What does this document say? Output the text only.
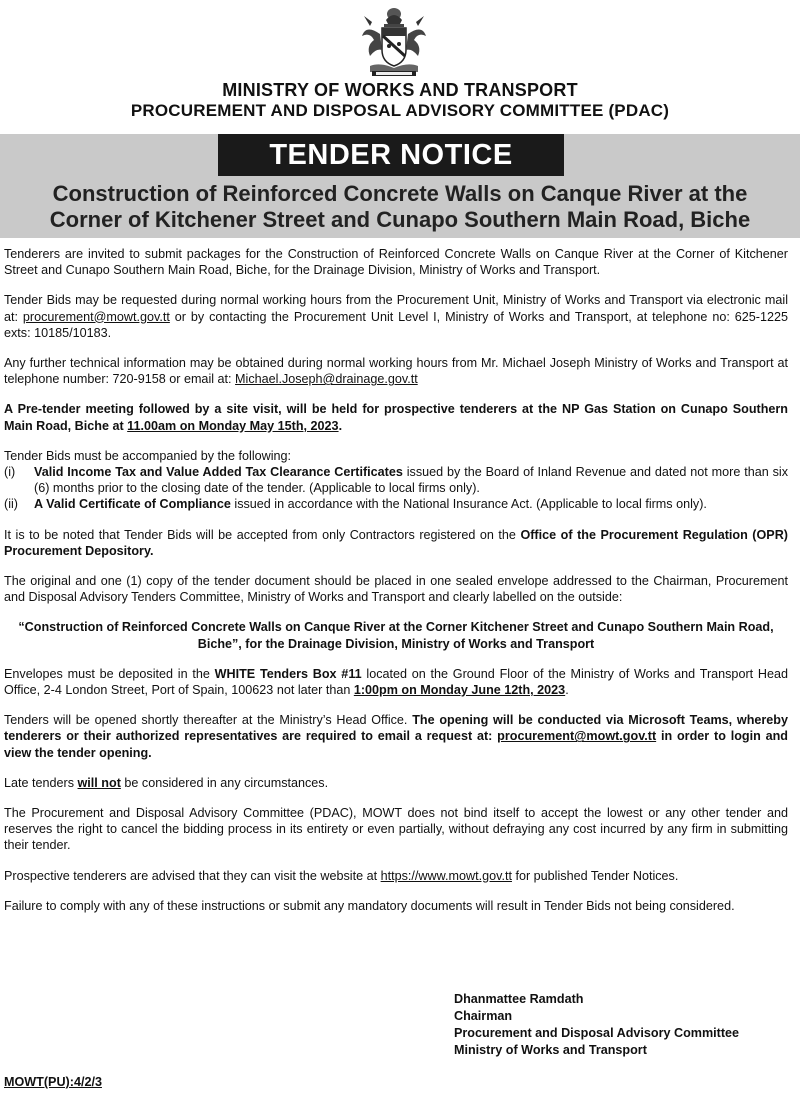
MINISTRY OF WORKS AND TRANSPORT
PROCUREMENT AND DISPOSAL ADVISORY COMMITTEE (PDAC)
TENDER NOTICE
Construction of Reinforced Concrete Walls on Canque River at the
Corner of Kitchener Street and Cunapo Southern Main Road, Biche

Tenderers are invited to submit packages for the Construction of Reinforced Concrete Walls on Canque River at the Corner of Kitchener Street and Cunapo Southern Main Road, Biche, for the Drainage Division, Ministry of Works and Transport.

Tender Bids may be requested during normal working hours from the Procurement Unit, Ministry of Works and Transport via electronic mail at: procurement@mowt.gov.tt or by contacting the Procurement Unit Level I, Ministry of Works and Transport, at telephone no: 625-1225 exts: 10185/10183.

Any further technical information may be obtained during normal working hours from Mr. Michael Joseph Ministry of Works and Transport at telephone number: 720-9158 or email at: Michael.Joseph@drainage.gov.tt

A Pre-tender meeting followed by a site visit, will be held for prospective tenderers at the NP Gas Station on Cunapo Southern Main Road, Biche at 11.00am on Monday May 15th, 2023.

Tender Bids must be accompanied by the following:
(i)	Valid Income Tax and Value Added Tax Clearance Certificates issued by the Board of Inland Revenue and dated not more than six (6) months prior to the closing date of the tender. (Applicable to local firms only).
(ii)	A Valid Certificate of Compliance issued in accordance with the National Insurance Act. (Applicable to local firms only).

It is to be noted that Tender Bids will be accepted from only Contractors registered on the Office of the Procurement Regulation (OPR) Procurement Depository.

The original and one (1) copy of the tender document should be placed in one sealed envelope addressed to the Chairman, Procurement and Disposal Advisory Tenders Committee, Ministry of Works and Transport and clearly labelled on the outside:

“Construction of Reinforced Concrete Walls on Canque River at the Corner Kitchener Street and Cunapo Southern Main Road, Biche”, for the Drainage Division, Ministry of Works and Transport

Envelopes must be deposited in the WHITE Tenders Box #11 located on the Ground Floor of the Ministry of Works and Transport Head Office, 2-4 London Street, Port of Spain, 100623 not later than 1:00pm on Monday June 12th, 2023.

Tenders will be opened shortly thereafter at the Ministry’s Head Office. The opening will be conducted via Microsoft Teams, whereby tenderers or their authorized representatives are required to email a request at: procurement@mowt.gov.tt in order to login and view the tender opening.

Late tenders will not be considered in any circumstances.

The Procurement and Disposal Advisory Committee (PDAC), MOWT does not bind itself to accept the lowest or any other tender and reserves the right to cancel the bidding process in its entirety or even partially, without defraying any cost incurred by any firm in submitting their tender.

Prospective tenderers are advised that they can visit the website at https://www.mowt.gov.tt for published Tender Notices.

Failure to comply with any of these instructions or submit any mandatory documents will result in Tender Bids not being considered.

Dhanmattee Ramdath
Chairman
Procurement and Disposal Advisory Committee
Ministry of Works and Transport
MOWT(PU):4/2/3
